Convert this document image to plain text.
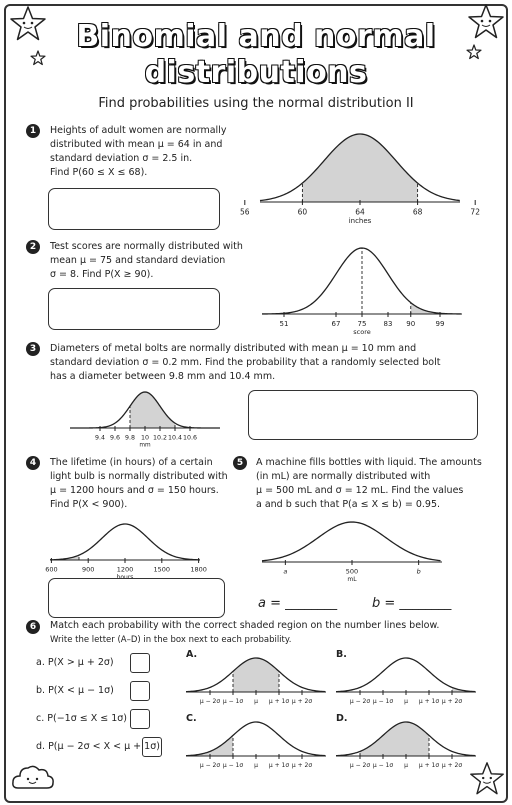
Binomial and normal
distributions
Find probabilities using the normal distribution II
1	Heights of adult women are normally
distributed with mean μ = 64 in and
standard deviation σ = 2.5 in.
Find P(60 ≤ X ≤ 68).
56	60	64	68	72
inches
2	Test scores are normally distributed with
mean μ = 75 and standard deviation
σ = 8. Find P(X ≥ 90).
51	67 75 83 90	99
score
3	Diameters of metal bolts are normally distributed with mean μ = 10 mm and
standard deviation σ = 0.2 mm. Find the probability that a randomly selected bolt
has a diameter between 9.8 mm and 10.4 mm.
9.4 9.6 9.8 10 10.2 10.4 10.6
mm
4	The lifetime (in hours) of a certain
light bulb is normally distributed with
μ = 1200 hours and σ = 150 hours.
Find P(X < 900).
600	900	1200	1500	1800
5	A machine fills bottles with liquid. The amounts
(in mL) are normally distributed with
μ = 500 mL and σ = 12 mL. Find the values
a and b such that P(a ≤ X ≤ b) = 0.95.
a	500	b
mL
a = ________	b = ________
6	Match each probability with the correct shaded region on the number lines below.
Write the letter (A–D) in the box next to each probability.
a. P(X > μ + 2σ)
b. P(X < μ − 1σ)
c. P(−1σ ≤ X ≤ 1σ)
d. P(μ − 2σ < X < μ + 1σ)
A.	B.
C.	D.
μ − 2σ μ − 1σ μ μ + 1σ μ + 2σ	μ − 2σ μ − 1σ μ μ + 1σ μ + 2σ
μ − 2σ μ − 1σ μ μ + 1σ μ + 2σ	μ − 2σ μ − 1σ μ μ + 1σ μ + 2σ
